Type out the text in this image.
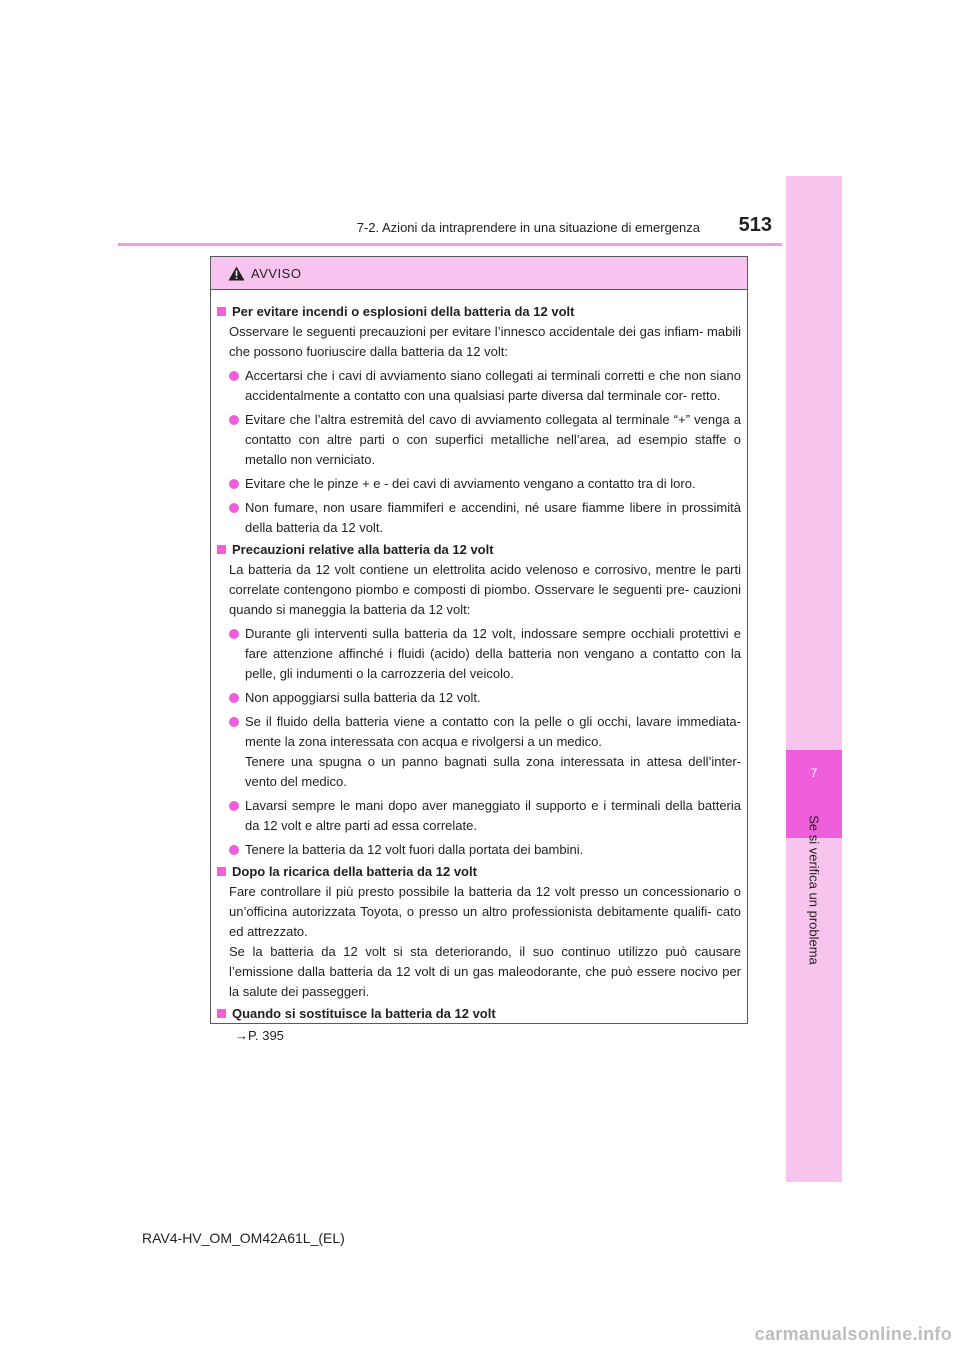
7
Se si verifica un problema
7-2. Azioni da intraprendere in una situazione di emergenza 513
AVVISO
Per evitare incendi o esplosioni della batteria da 12 volt
Osservare le seguenti precauzioni per evitare l’innesco accidentale dei gas infiam- mabili che possono fuoriuscire dalla batteria da 12 volt:
Accertarsi che i cavi di avviamento siano collegati ai terminali corretti e che non siano accidentalmente a contatto con una qualsiasi parte diversa dal terminale cor- retto.
Evitare che l’altra estremità del cavo di avviamento collegata al terminale “+” venga a contatto con altre parti o con superfici metalliche nell’area, ad esempio staffe o metallo non verniciato.
Evitare che le pinze + e - dei cavi di avviamento vengano a contatto tra di loro.
Non fumare, non usare fiammiferi e accendini, né usare fiamme libere in prossimità della batteria da 12 volt.
Precauzioni relative alla batteria da 12 volt
La batteria da 12 volt contiene un elettrolita acido velenoso e corrosivo, mentre le parti correlate contengono piombo e composti di piombo. Osservare le seguenti pre- cauzioni quando si maneggia la batteria da 12 volt:
Durante gli interventi sulla batteria da 12 volt, indossare sempre occhiali protettivi e fare attenzione affinché i fluidi (acido) della batteria non vengano a contatto con la pelle, gli indumenti o la carrozzeria del veicolo.
Non appoggiarsi sulla batteria da 12 volt.
Se il fluido della batteria viene a contatto con la pelle o gli occhi, lavare immediata- mente la zona interessata con acqua e rivolgersi a un medico.
Tenere una spugna o un panno bagnati sulla zona interessata in attesa dell’inter- vento del medico.
Lavarsi sempre le mani dopo aver maneggiato il supporto e i terminali della batteria da 12 volt e altre parti ad essa correlate.
Tenere la batteria da 12 volt fuori dalla portata dei bambini.
Dopo la ricarica della batteria da 12 volt
Fare controllare il più presto possibile la batteria da 12 volt presso un concessionario o un’officina autorizzata Toyota, o presso un altro professionista debitamente qualifi- cato ed attrezzato.
Se la batteria da 12 volt si sta deteriorando, il suo continuo utilizzo può causare l’emissione dalla batteria da 12 volt di un gas maleodorante, che può essere nocivo per la salute dei passeggeri.
Quando si sostituisce la batteria da 12 volt
→P. 395
RAV4-HV_OM_OM42A61L_(EL)
carmanualsonline.info
